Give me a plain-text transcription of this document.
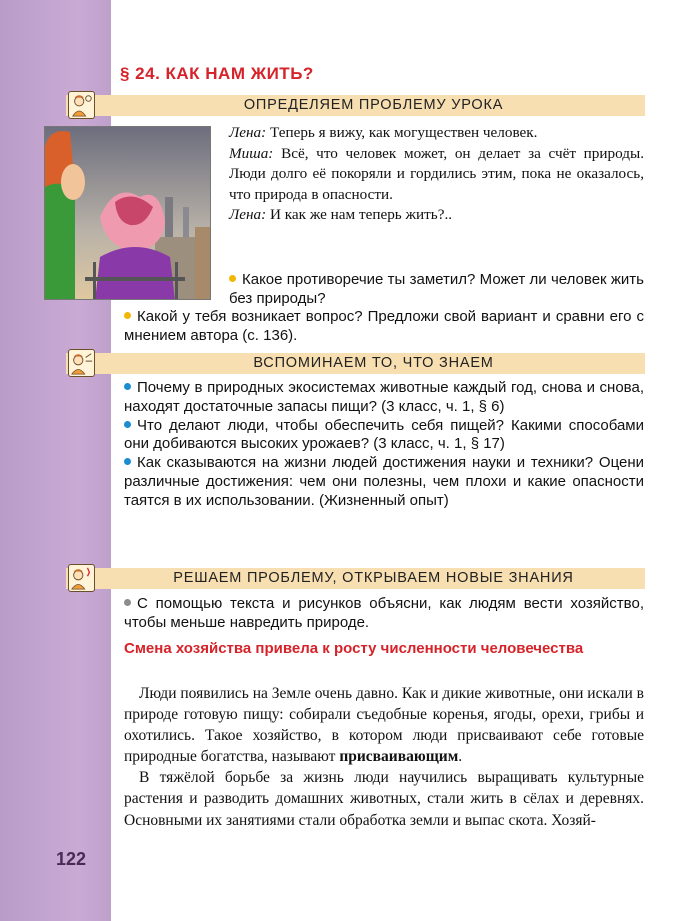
122
§ 24. КАК НАМ ЖИТЬ?
ОПРЕДЕЛЯЕМ ПРОБЛЕМУ УРОКА

Лена: Теперь я вижу, как могуществен человек.

Миша: Всё, что человек может, он делает за счёт природы. Люди долго её покоряли и гордились этим, пока не оказалось, что природа в опасности.

Лена: И как же нам теперь жить?..

Какое противоречие ты заметил? Может ли человек жить без природы?

Какой у тебя возникает вопрос? Предложи свой вариант и сравни его с мнением автора (с. 136).

ВСПОМИНАЕМ ТО, ЧТО ЗНАЕМ

Почему в природных экосистемах животные каждый год, снова и снова, находят достаточные запасы пищи? (3 класс, ч. 1, § 6)

Что делают люди, чтобы обеспечить себя пищей? Какими способами они добиваются высоких урожаев? (3 класс, ч. 1, § 17)

Как сказываются на жизни людей достижения науки и техники? Оцени различные достижения: чем они полезны, чем плохи и какие опасности таятся в их использовании. (Жизненный опыт)

РЕШАЕМ ПРОБЛЕМУ, ОТКРЫВАЕМ НОВЫЕ ЗНАНИЯ

С помощью текста и рисунков объясни, как людям вести хозяйство, чтобы меньше навредить природе.

Смена хозяйства привела к росту численности человечества

Люди появились на Земле очень давно. Как и дикие животные, они искали в природе готовую пищу: собирали съедобные коренья, ягоды, орехи, грибы и охотились. Такое хозяйство, в котором люди присваивают себе готовые природные богатства, называют присваивающим.

В тяжёлой борьбе за жизнь люди научились выращивать культурные растения и разводить домашних животных, стали жить в сёлах и деревнях. Основными их занятиями стали обработка земли и выпас скота. Хозяй-
